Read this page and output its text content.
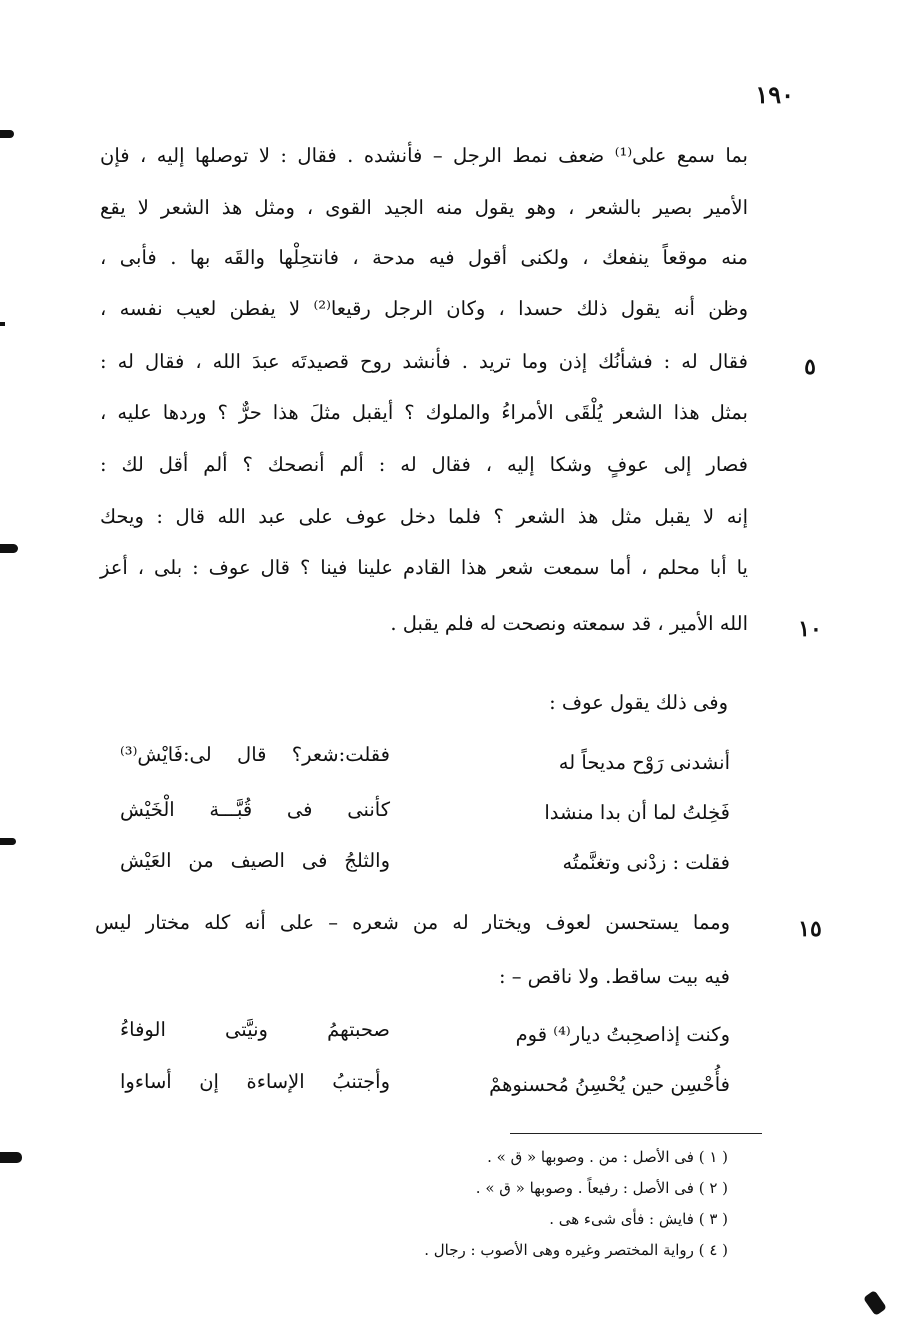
١٩٠
بما سمع على⁽¹⁾ ضعف نمط الرجل – فأنشده . فقال : لا توصلها إليه ، فإن
الأمير بصير بالشعر ، وهو يقول منه الجيد القوى ، ومثل هذ الشعر لا يقع
منه موقعاً ينفعك ، ولكنى أقول فيه مدحة ، فانتحِلْها والقَه بها . فأبى ،
وظن أنه يقول ذلك حسدا ، وكان الرجل رقيعا⁽²⁾ لا يفطن لعيب نفسه ،
فقال له : فشأنُك إذن وما تريد . فأنشد روح قصيدتَه عبدَ الله ، فقال له :
بمثل هذا الشعر يُلْقَى الأمراءُ والملوك ؟ أيقبل مثلَ هذا حرٌّ ؟ وردها عليه ،
فصار إلى عوفٍ وشكا إليه ، فقال له : ألم أنصحك ؟ ألم أقل لك :
إنه لا يقبل مثل هذ الشعر ؟ فلما دخل عوف على عبد الله قال : ويحك
يا أبا محلم ، أما سمعت شعر هذا القادم علينا فينا ؟ قال عوف : بلى ، أعز
الله الأمير ، قد سمعته ونصحت له فلم يقبل .
٥
١٠
١٥
وفى ذلك يقول عوف :
أنشدنى رَوْح مديحاً له
فقلت:شعر؟ قال لى:فَايْش⁽³⁾
فَخِلتُ لما أن بدا منشدا
كأننى فى قُبَّـــة الْخَيْش
فقلت : زدْنى وتغنَّمتُه
والثلجُ فى الصيف من العَيْش
ومما يستحسن لعوف ويختار له من شعره – على أنه كله مختار ليس
فيه بيت ساقط. ولا ناقص – :
وكنت إذاصحِبتُ ديار⁽⁴⁾ قوم
صحبتهمُ ونيَّتى الوفاءُ
فأُحْسِن حين يُحْسِنُ مُحسنوهمْ
وأجتنبُ الإساءة إن أساءوا
( ١ ) فى الأصل : من . وصوبها « ق » .
( ٢ ) فى الأصل : رفيعاً . وصوبها « ق » .
( ٣ ) فايش : فأى شىء هى .
( ٤ ) رواية المختصر وغيره وهى الأصوب : رجال .
